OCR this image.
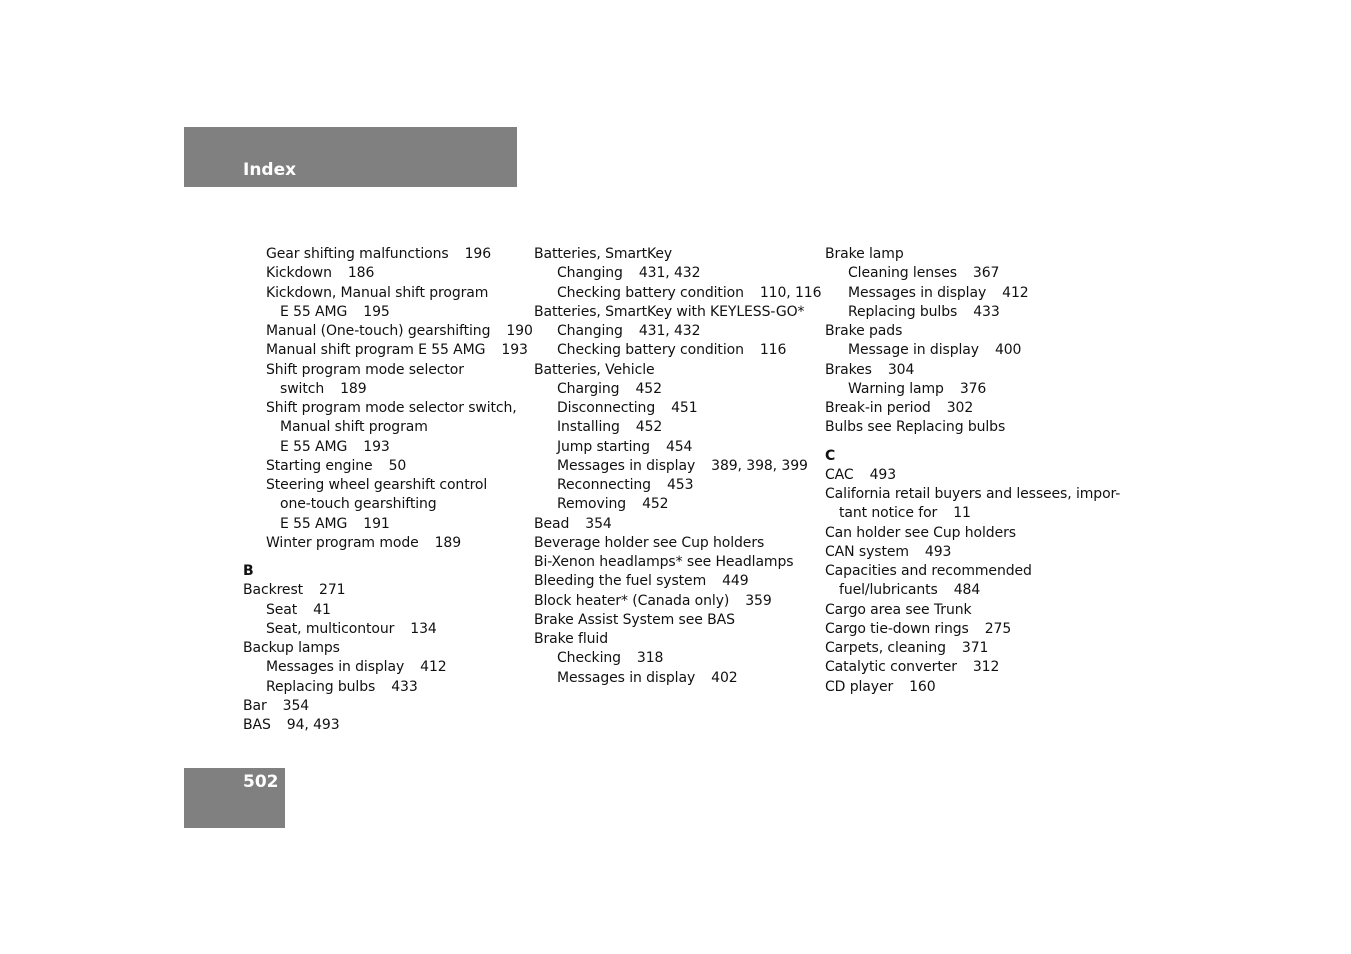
Index
Gear shifting malfunctions 196
Kickdown 186
Kickdown, Manual shift program
E 55 AMG 195
Manual (One-touch) gearshifting 190
Manual shift program E 55 AMG 193
Shift program mode selector
switch 189
Shift program mode selector switch,
Manual shift program
E 55 AMG 193
Starting engine 50
Steering wheel gearshift control
one-touch gearshifting
E 55 AMG 191
Winter program mode 189
B
Backrest 271
Seat 41
Seat, multicontour 134
Backup lamps
Messages in display 412
Replacing bulbs 433
Bar 354
BAS 94, 493
Batteries, SmartKey
Changing 431, 432
Checking battery condition 110, 116
Batteries, SmartKey with KEYLESS-GO*
Changing 431, 432
Checking battery condition 116
Batteries, Vehicle
Charging 452
Disconnecting 451
Installing 452
Jump starting 454
Messages in display 389, 398, 399
Reconnecting 453
Removing 452
Bead 354
Beverage holder see Cup holders
Bi-Xenon headlamps* see Headlamps
Bleeding the fuel system 449
Block heater* (Canada only) 359
Brake Assist System see BAS
Brake fluid
Checking 318
Messages in display 402
Brake lamp
Cleaning lenses 367
Messages in display 412
Replacing bulbs 433
Brake pads
Message in display 400
Brakes 304
Warning lamp 376
Break-in period 302
Bulbs see Replacing bulbs
C
CAC 493
California retail buyers and lessees, impor-
tant notice for 11
Can holder see Cup holders
CAN system 493
Capacities and recommended
fuel/lubricants 484
Cargo area see Trunk
Cargo tie-down rings 275
Carpets, cleaning 371
Catalytic converter 312
CD player 160
502
